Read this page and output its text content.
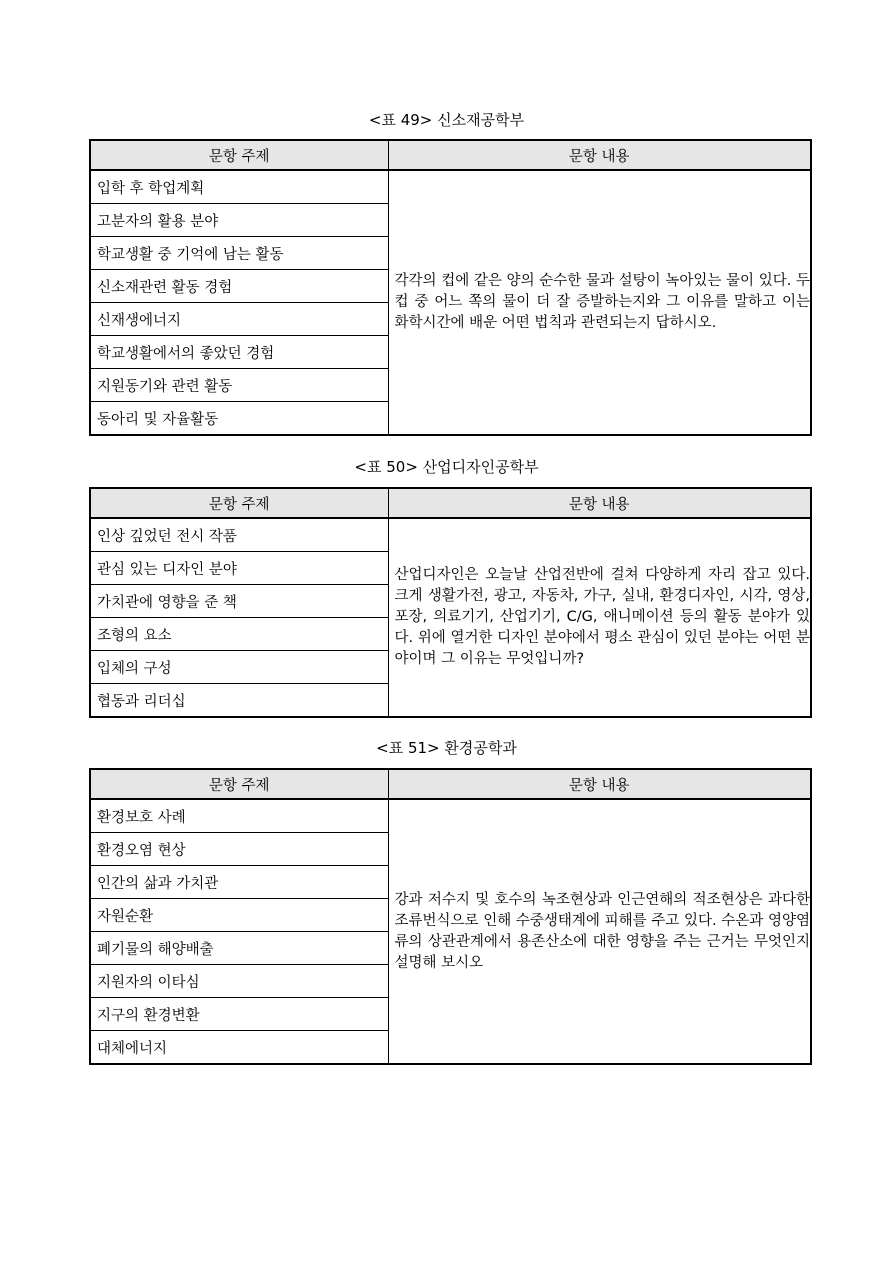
<표 49> 신소재공학부
문항 주제	문항 내용
입학 후 학업계획	각각의 컵에 같은 양의 순수한 물과 설탕이 녹아있는 물이 있다. 두 컵 중 어느 쪽의 물이 더 잘 증발하는지와 그 이유를 말하고 이는 화학시간에 배운 어떤 법칙과 관련되는지 답하시오.
고분자의 활용 분야	
학교생활 중 기억에 남는 활동	
신소재관련 활동 경험	
신재생에너지	
학교생활에서의 좋았던 경험	
지원동기와 관련 활동	
동아리 및 자율활동	
<표 50> 산업디자인공학부
문항 주제	문항 내용
인상 깊었던 전시 작품	산업디자인은 오늘날 산업전반에 걸쳐 다양하게 자리 잡고 있다. 크게 생활가전, 광고, 자동차, 가구, 실내, 환경디자인, 시각, 영상, 포장, 의료기기, 산업기기, C/G, 애니메이션 등의 활동 분야가 있다. 위에 열거한 디자인 분야에서 평소 관심이 있던 분야는 어떤 분야이며 그 이유는 무엇입니까?
관심 있는 디자인 분야	
가치관에 영향을 준 책	
조형의 요소	
입체의 구성	
협동과 리더십	
<표 51> 환경공학과
문항 주제	문항 내용
환경보호 사례	강과 저수지 및 호수의 녹조현상과 인근연해의 적조현상은 과다한 조류번식으로 인해 수중생태계에 피해를 주고 있다. 수온과 영양염류의 상관관계에서 용존산소에 대한 영향을 주는 근거는 무엇인지 설명해 보시오
환경오염 현상	
인간의 삶과 가치관	
자원순환	
폐기물의 해양배출	
지원자의 이타심	
지구의 환경변환	
대체에너지	
